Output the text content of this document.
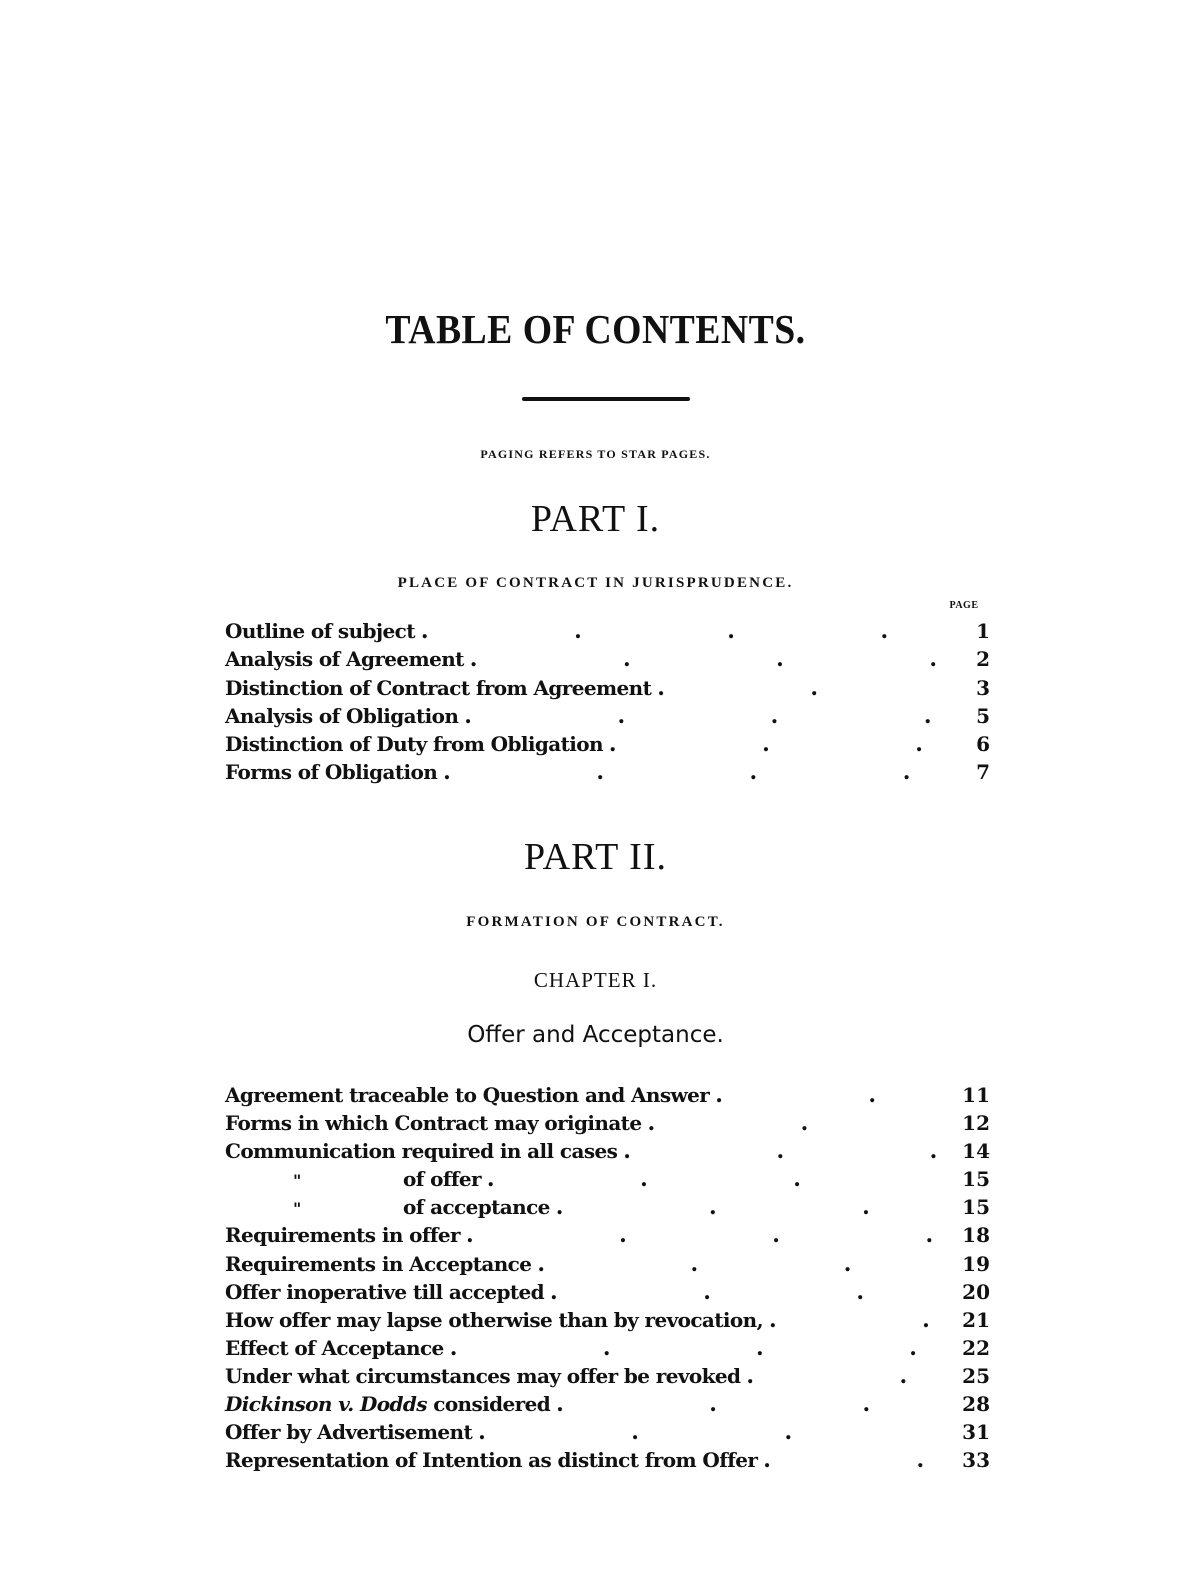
TABLE OF CONTENTS.
PAGING REFERS TO STAR PAGES.
PART I.
PLACE OF CONTRACT IN JURISPRUDENCE.
PAGE
Outline of subject .	1
Analysis of Agreement .	2
Distinction of Contract from Agreement .	3
Analysis of Obligation .	5
Distinction of Duty from Obligation .	6
Forms of Obligation .	7
PART II.
FORMATION OF CONTRACT.
CHAPTER I.
Offer and Acceptance.
Agreement traceable to Question and Answer .	11
Forms in which Contract may originate .	12
Communication required in all cases .	14
"	of offer .	15
"	of acceptance .	15
Requirements in offer .	18
Requirements in Acceptance .	19
Offer inoperative till accepted .	20
How offer may lapse otherwise than by revocation, .	21
Effect of Acceptance .	22
Under what circumstances may offer be revoked .	25
Dickinson v. Dodds considered .	28
Offer by Advertisement .	31
Representation of Intention as distinct from Offer .	33
